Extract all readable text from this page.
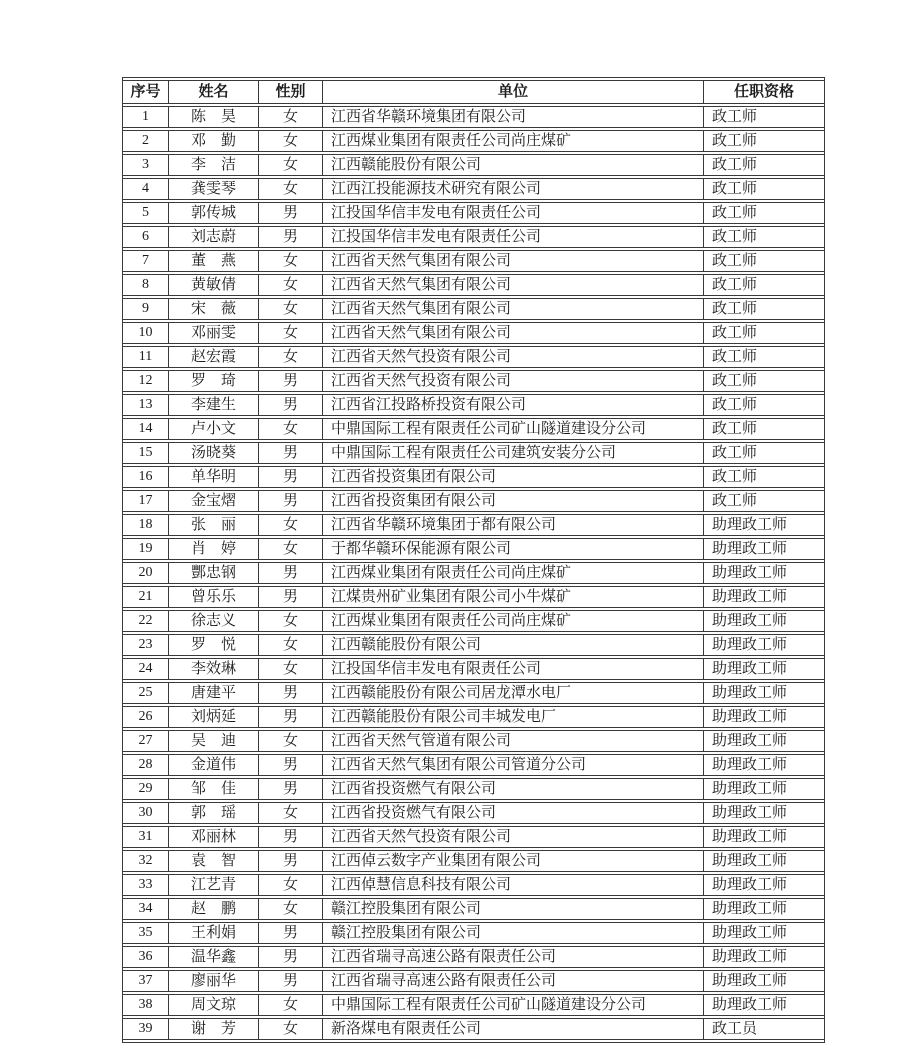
序号	姓名	性别	单位	任职资格
1	陈　昊	女	江西省华赣环境集团有限公司	政工师
2	邓　勤	女	江西煤业集团有限责任公司尚庄煤矿	政工师
3	李　洁	女	江西赣能股份有限公司	政工师
4	龚雯琴	女	江西江投能源技术研究有限公司	政工师
5	郭传城	男	江投国华信丰发电有限责任公司	政工师
6	刘志蔚	男	江投国华信丰发电有限责任公司	政工师
7	董　燕	女	江西省天然气集团有限公司	政工师
8	黄敏倩	女	江西省天然气集团有限公司	政工师
9	宋　薇	女	江西省天然气集团有限公司	政工师
10	邓丽雯	女	江西省天然气集团有限公司	政工师
11	赵宏霞	女	江西省天然气投资有限公司	政工师
12	罗　琦	男	江西省天然气投资有限公司	政工师
13	李建生	男	江西省江投路桥投资有限公司	政工师
14	卢小文	女	中鼎国际工程有限责任公司矿山隧道建设分公司	政工师
15	汤晓葵	男	中鼎国际工程有限责任公司建筑安装分公司	政工师
16	单华明	男	江西省投资集团有限公司	政工师
17	金宝熠	男	江西省投资集团有限公司	政工师
18	张　丽	女	江西省华赣环境集团于都有限公司	助理政工师
19	肖　婷	女	于都华赣环保能源有限公司	助理政工师
20	酆忠钢	男	江西煤业集团有限责任公司尚庄煤矿	助理政工师
21	曾乐乐	男	江煤贵州矿业集团有限公司小牛煤矿	助理政工师
22	徐志义	女	江西煤业集团有限责任公司尚庄煤矿	助理政工师
23	罗　悦	女	江西赣能股份有限公司	助理政工师
24	李效琳	女	江投国华信丰发电有限责任公司	助理政工师
25	唐建平	男	江西赣能股份有限公司居龙潭水电厂	助理政工师
26	刘炳延	男	江西赣能股份有限公司丰城发电厂	助理政工师
27	吴　迪	女	江西省天然气管道有限公司	助理政工师
28	金道伟	男	江西省天然气集团有限公司管道分公司	助理政工师
29	邹　佳	男	江西省投资燃气有限公司	助理政工师
30	郭　瑶	女	江西省投资燃气有限公司	助理政工师
31	邓丽林	男	江西省天然气投资有限公司	助理政工师
32	袁　智	男	江西倬云数字产业集团有限公司	助理政工师
33	江艺青	女	江西倬慧信息科技有限公司	助理政工师
34	赵　鹏	女	赣江控股集团有限公司	助理政工师
35	王利娟	男	赣江控股集团有限公司	助理政工师
36	温华鑫	男	江西省瑞寻高速公路有限责任公司	助理政工师
37	廖丽华	男	江西省瑞寻高速公路有限责任公司	助理政工师
38	周文琼	女	中鼎国际工程有限责任公司矿山隧道建设分公司	助理政工师
39	谢　芳	女	新洛煤电有限责任公司	政工员
